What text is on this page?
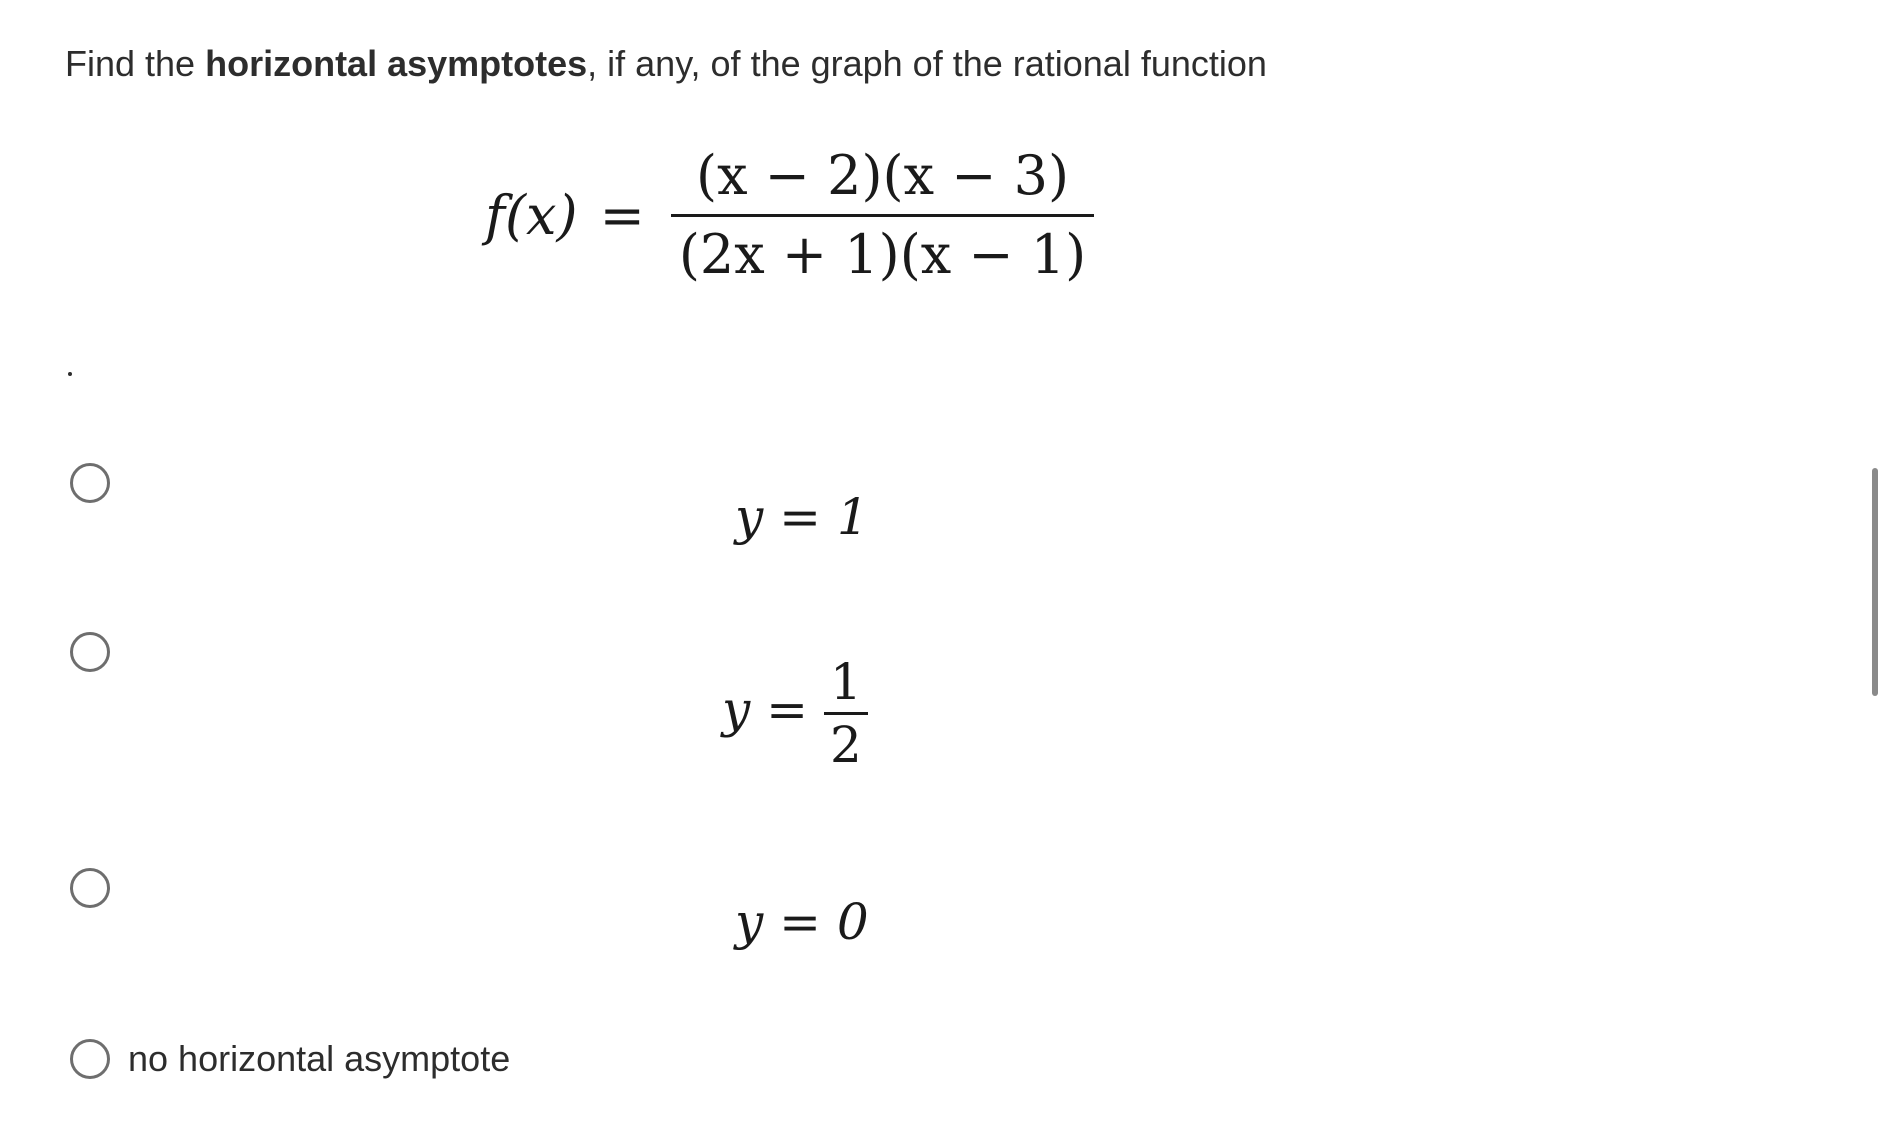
Find the horizontal asymptotes, if any, of the graph of the rational function
$f(x) = \frac{(x - 2)(x - 3)}{(2x + 1)(x - 1)}$
y = 1
$y = \frac{1}{2}$
y = 0
no horizontal asymptote
